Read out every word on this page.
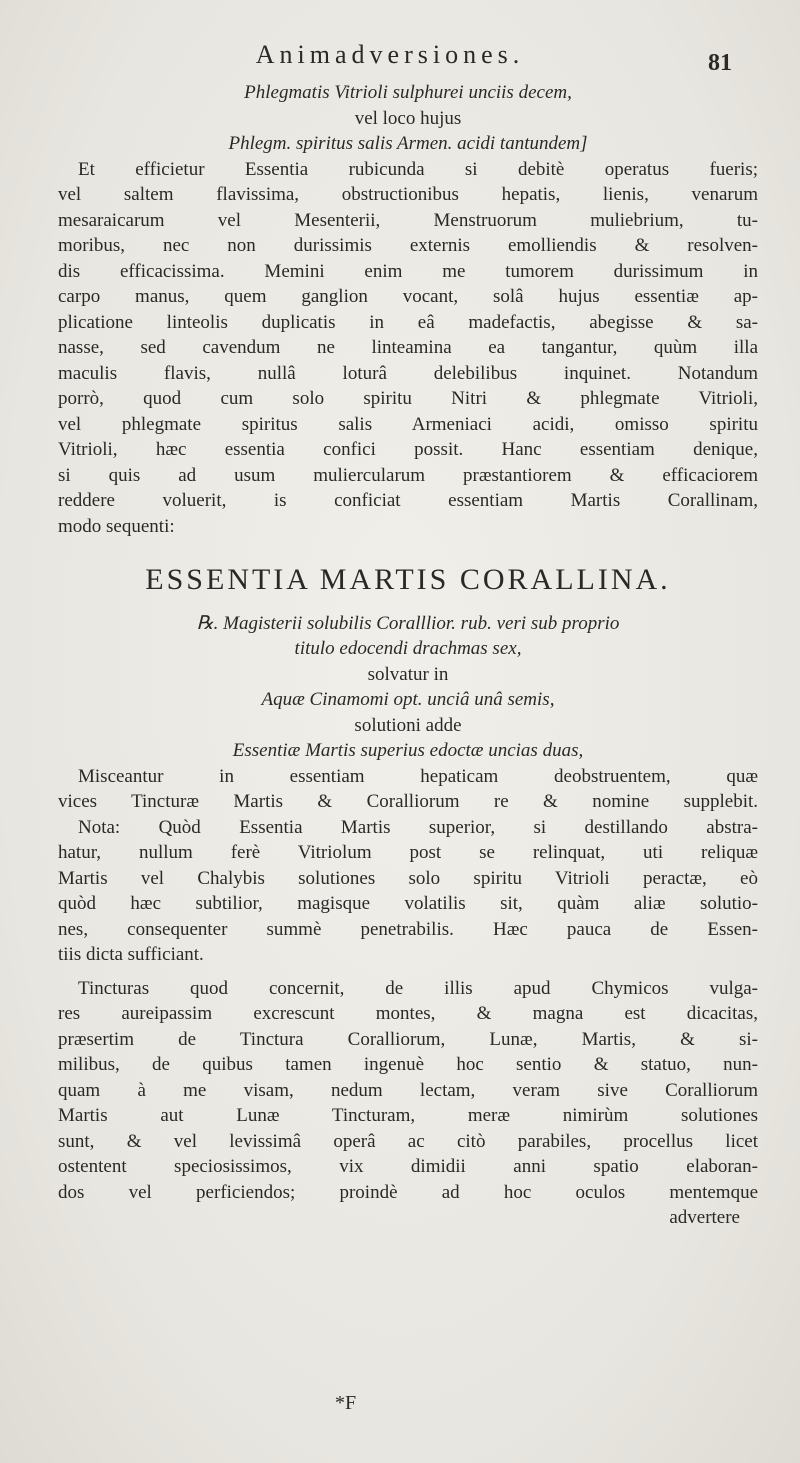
Animadversiones.	81
Phlegmatis Vitrioli sulphurei unciis decem,
vel loco hujus
Phlegm. spiritus salis Armen. acidi tantundem]
Et efficietur Essentia rubicunda si debitè operatus fueris;
vel saltem flavissima, obstructionibus hepatis, lienis, venarum
mesaraicarum vel Mesenterii, Menstruorum muliebrium, tu-
moribus, nec non durissimis externis emolliendis & resolven-
dis efficacissima. Memini enim me tumorem durissimum in
carpo manus, quem ganglion vocant, solâ hujus essentiæ ap-
plicatione linteolis duplicatis in eâ madefactis, abegisse & sa-
nasse, sed cavendum ne linteamina ea tangantur, quùm illa
maculis flavis, nullâ loturâ delebilibus inquinet. Notandum
porrò, quod cum solo spiritu Nitri & phlegmate Vitrioli,
vel phlegmate spiritus salis Armeniaci acidi, omisso spiritu
Vitrioli, hæc essentia confici possit. Hanc essentiam denique,
si quis ad usum muliercularum præstantiorem & efficaciorem
reddere voluerit, is conficiat essentiam Martis Corallinam,
modo sequenti:
ESSENTIA MARTIS CORALLINA.
℞. Magisterii solubilis Coralllior. rub. veri sub proprio
titulo edocendi drachmas sex,
solvatur in
Aquæ Cinamomi opt. unciâ unâ semis,
solutioni adde
Essentiæ Martis superius edoctæ uncias duas,
Misceantur in essentiam hepaticam deobstruentem, quæ
vices Tincturæ Martis & Coralliorum re & nomine supplebit.
Nota: Quòd Essentia Martis superior, si destillando abstra-
hatur, nullum ferè Vitriolum post se relinquat, uti reliquæ
Martis vel Chalybis solutiones solo spiritu Vitrioli peractæ, eò
quòd hæc subtilior, magisque volatilis sit, quàm aliæ solutio-
nes, consequenter summè penetrabilis. Hæc pauca de Essen-
tiis dicta sufficiant.
Tincturas quod concernit, de illis apud Chymicos vulga-
res aureipassim excrescunt montes, & magna est dicacitas,
præsertim de Tinctura Coralliorum, Lunæ, Martis, & si-
milibus, de quibus tamen ingenuè hoc sentio & statuo, nun-
quam à me visam, nedum lectam, veram sive Coralliorum
Martis aut Lunæ Tincturam, meræ nimirùm solutiones
sunt, & vel levissimâ operâ ac citò parabiles, procellus licet
ostentent speciosissimos, vix dimidii anni spatio elaboran-
dos vel perficiendos; proindè ad hoc oculos mentemque
advertere
*F
